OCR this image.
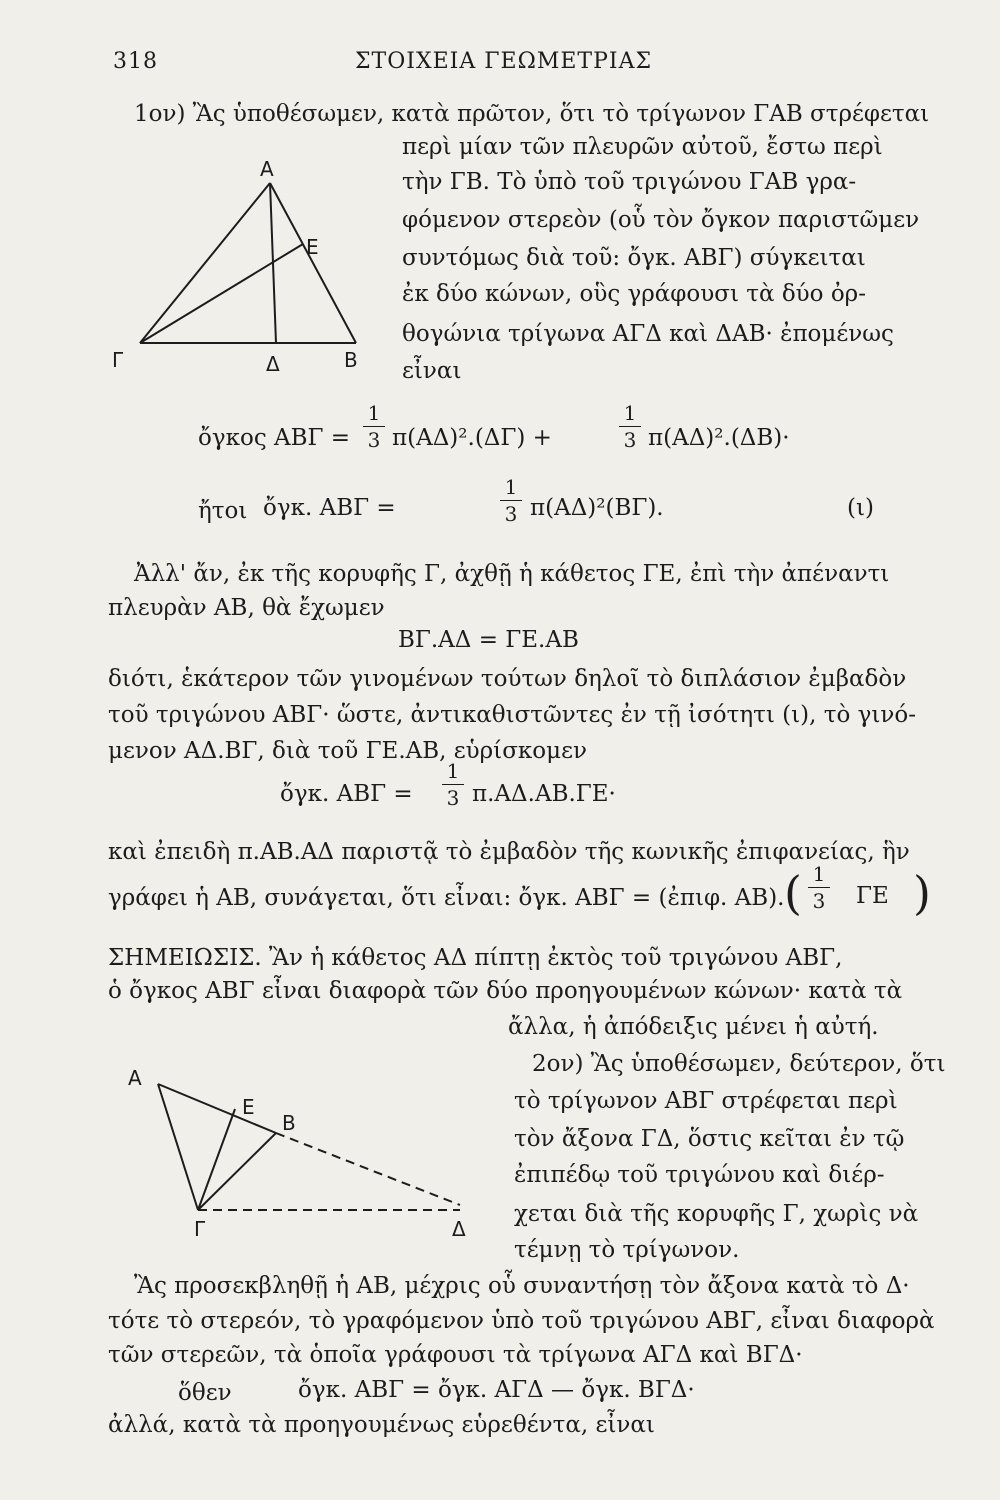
318	ΣΤΟΙΧΕΙΑ ΓΕΩΜΕΤΡΙΑΣ
A
E
Γ	Δ	B
A
E
B
Γ	Δ
1ον) Ἂς ὑποθέσωμεν, κατὰ πρῶτον, ὅτι τὸ τρίγωνον ΓΑΒ στρέφεται
περὶ μίαν τῶν πλευρῶν αὐτοῦ, ἔστω περὶ
τὴν ΓΒ. Τὸ ὑπὸ τοῦ τριγώνου ΓΑΒ γρα-
φόμενον στερεὸν (οὗ τὸν ὄγκον παριστῶμεν
συντόμως διὰ τοῦ: ὄγκ. ΑΒΓ) σύγκειται
ἐκ δύο κώνων, οὓς γράφουσι τὰ δύο ὀρ-
θογώνια τρίγωνα ΑΓΔ καὶ ΔΑΒ· ἐπομένως
εἶναι
ὄγκος ΑΒΓ =
1
3 π(ΑΔ)².(ΔΓ) +
1
3 π(ΑΔ)².(ΔΒ)·
ἤτοι ὄγκ. ΑΒΓ =
1
3 π(ΑΔ)²(ΒΓ).	(ι)
Ἀλλ' ἄν, ἐκ τῆς κορυφῆς Γ, ἀχθῇ ἡ κάθετος ΓΕ, ἐπὶ τὴν ἀπέναντι
πλευρὰν ΑΒ, θὰ ἔχωμεν
ΒΓ.ΑΔ = ΓΕ.ΑΒ
διότι, ἑκάτερον τῶν γινομένων τούτων δηλοῖ τὸ διπλάσιον ἐμβαδὸν
τοῦ τριγώνου ΑΒΓ· ὥστε, ἀντικαθιστῶντες ἐν τῇ ἰσότητι (ι), τὸ γινό-
μενον ΑΔ.ΒΓ, διὰ τοῦ ΓΕ.ΑΒ, εὑρίσκομεν
ὄγκ. ΑΒΓ =
1
3 π.ΑΔ.ΑΒ.ΓΕ·
καὶ ἐπειδὴ π.ΑΒ.ΑΔ παριστᾷ τὸ ἐμβαδὸν τῆς κωνικῆς ἐπιφανείας, ἣν
γράφει ἡ ΑΒ, συνάγεται, ὅτι εἶναι: ὄγκ. ΑΒΓ = (ἐπιφ. ΑΒ). ( 1
3 ΓΕ )
ΣΗΜΕΙΩΣΙΣ. Ἂν ἡ κάθετος ΑΔ πίπτῃ ἐκτὸς τοῦ τριγώνου ΑΒΓ,
ὁ ὄγκος ΑΒΓ εἶναι διαφορὰ τῶν δύο προηγουμένων κώνων· κατὰ τὰ
ἄλλα, ἡ ἀπόδειξις μένει ἡ αὐτή.
2ον) Ἂς ὑποθέσωμεν, δεύτερον, ὅτι
τὸ τρίγωνον ΑΒΓ στρέφεται περὶ
τὸν ἄξονα ΓΔ, ὅστις κεῖται ἐν τῷ
ἐπιπέδῳ τοῦ τριγώνου καὶ διέρ-
χεται διὰ τῆς κορυφῆς Γ, χωρὶς νὰ
τέμνῃ τὸ τρίγωνον.
Ἂς προσεκβληθῇ ἡ ΑΒ, μέχρις οὗ συναντήσῃ τὸν ἄξονα κατὰ τὸ Δ·
τότε τὸ στερεόν, τὸ γραφόμενον ὑπὸ τοῦ τριγώνου ΑΒΓ, εἶναι διαφορὰ
τῶν στερεῶν, τὰ ὁποῖα γράφουσι τὰ τρίγωνα ΑΓΔ καὶ ΒΓΔ·
ὅθεν	ὄγκ. ΑΒΓ = ὄγκ. ΑΓΔ — ὄγκ. ΒΓΔ·
ἀλλά, κατὰ τὰ προηγουμένως εὑρεθέντα, εἶναι
